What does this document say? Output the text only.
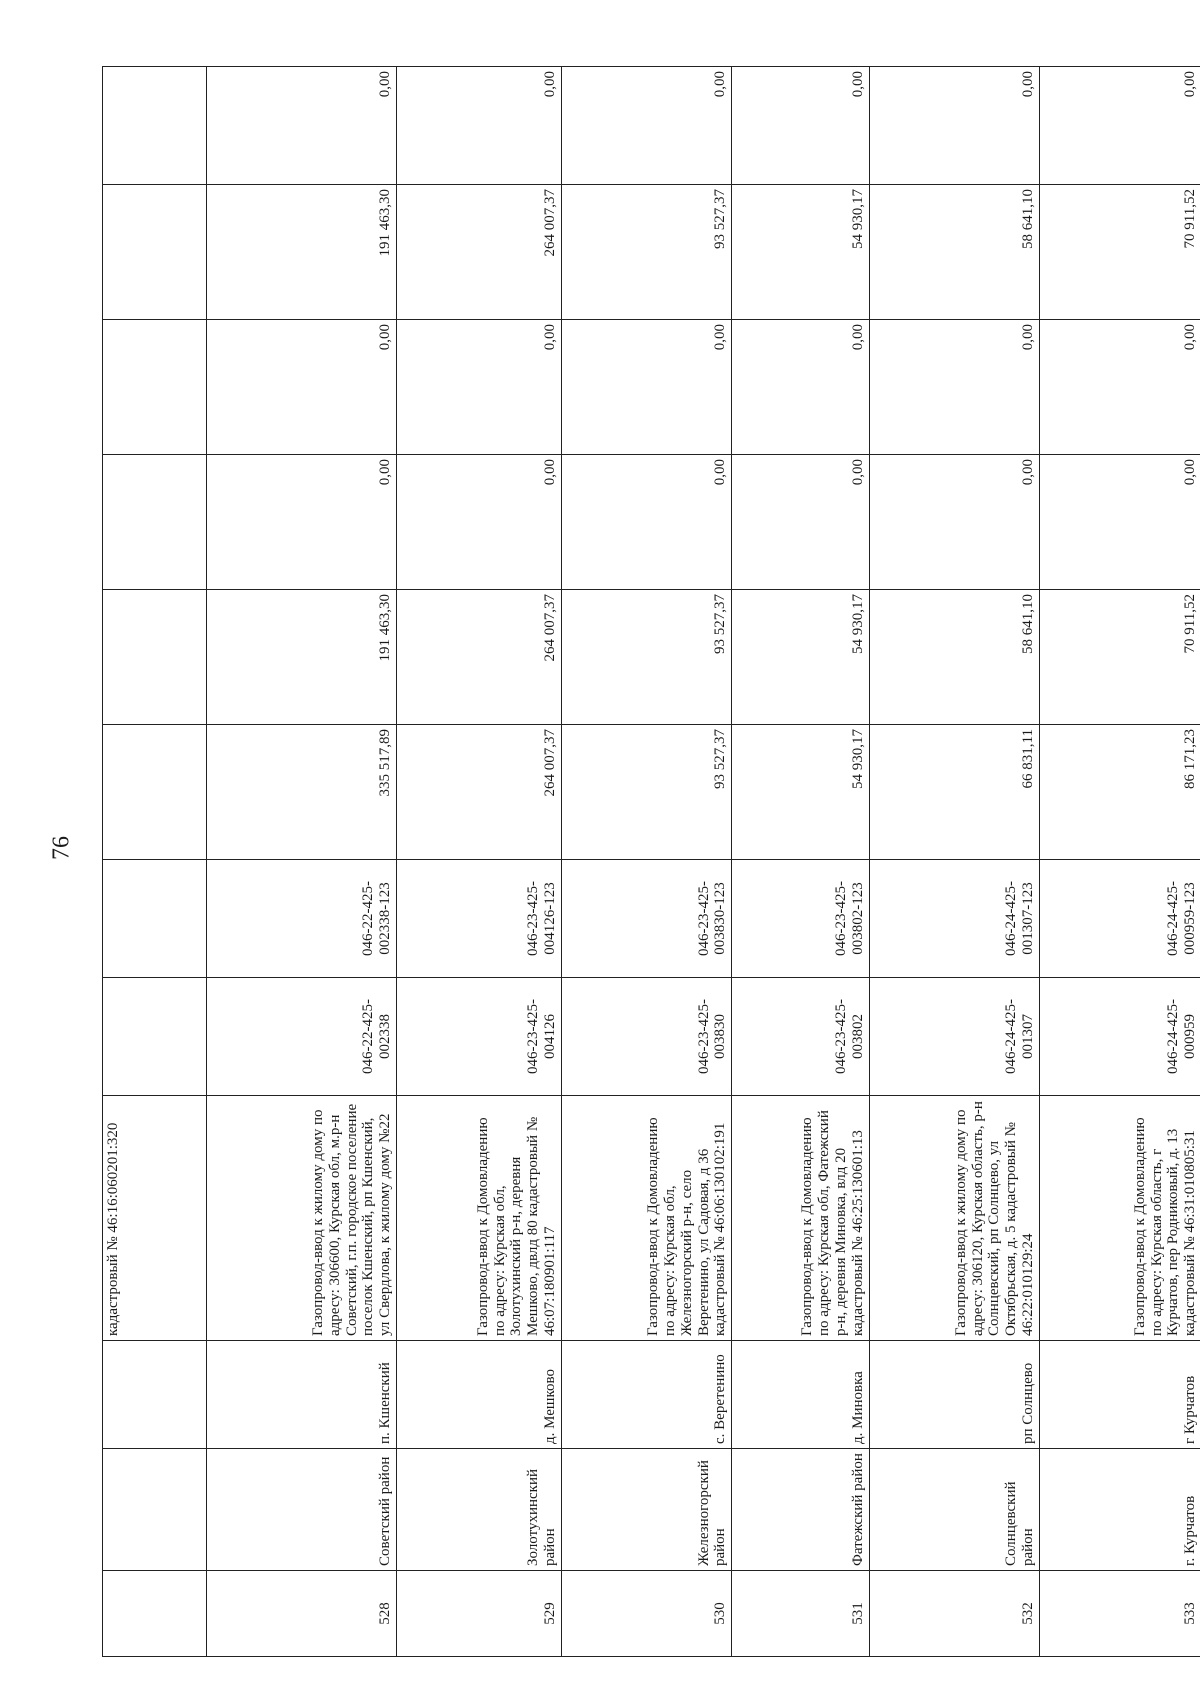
76
			кадастровый № 46:16:060201:320								
528	Советский район	п. Кшенский	Газопровод-ввод к жилому дому по адресу: 306600, Курская обл, м.р-н Советский, г.п. городское поселение поселок Кшенский, рп Кшенский, ул Свердлова, к жилому дому №22	046-22-425-002338	046-22-425-002338-123	335 517,89	191 463,30	0,00	0,00	191 463,30	0,00
529	Золотухинский район	д. Мешково	Газопровод-ввод к Домовладению по адресу: Курская обл, Золотухинский р-н, деревня Мешково, двлд 80 кадастровый № 46:07:180901:117	046-23-425-004126	046-23-425-004126-123	264 007,37	264 007,37	0,00	0,00	264 007,37	0,00
530	Железногорский район	с. Веретенино	Газопровод-ввод к Домовладению по адресу: Курская обл, Железногорский р-н, село Веретенино, ул Садовая, д 36 кадастровый № 46:06:130102:191	046-23-425-003830	046-23-425-003830-123	93 527,37	93 527,37	0,00	0,00	93 527,37	0,00
531	Фатежский район	д. Миновка	Газопровод-ввод к Домовладению по адресу: Курская обл, Фатежский р-н, деревня Миновка, влд 20 кадастровый № 46:25:130601:13	046-23-425-003802	046-23-425-003802-123	54 930,17	54 930,17	0,00	0,00	54 930,17	0,00
532	Солнцевский район	рп Солнцево	Газопровод-ввод к жилому дому по адресу: 306120, Курская область, р-н Солнцевский, рп Солнцево, ул Октябрьская, д. 5 кадастровый № 46:22:010129:24	046-24-425-001307	046-24-425-001307-123	66 831,11	58 641,10	0,00	0,00	58 641,10	0,00
533	г. Курчатов	г Курчатов	Газопровод-ввод к Домовладению по адресу: Курская область, г Курчатов, пер Родниковый, д. 13 кадастровый № 46:31:010805:31	046-24-425-000959	046-24-425-000959-123	86 171,23	70 911,52	0,00	0,00	70 911,52	0,00
